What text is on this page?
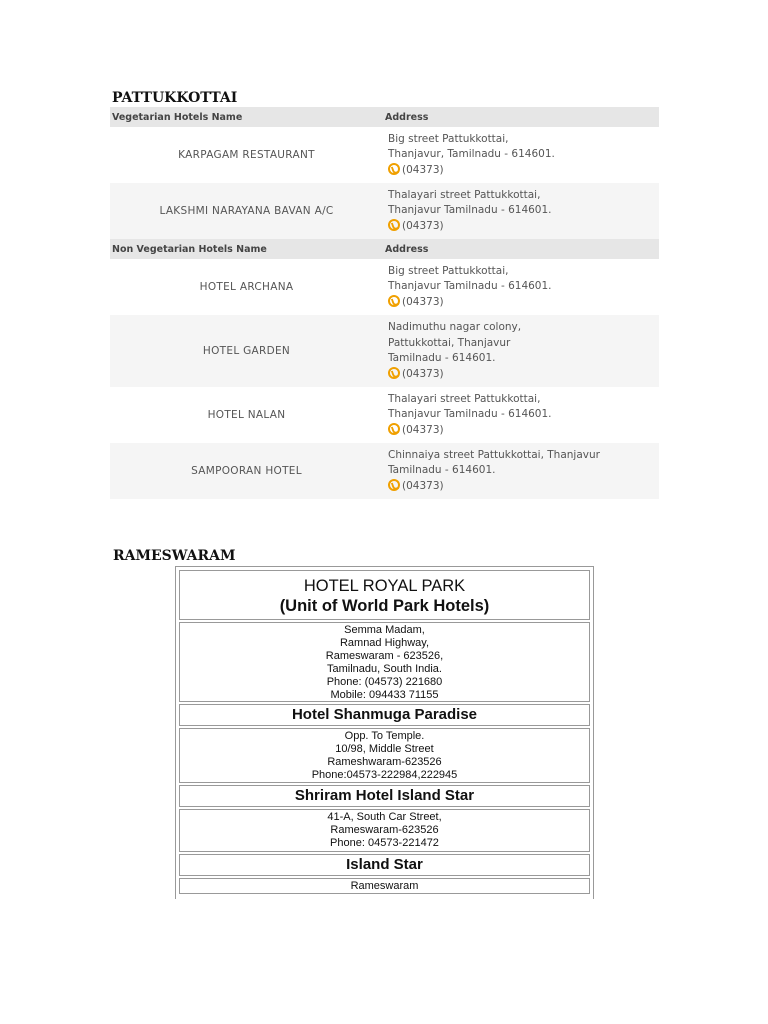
PATTUKKOTTAI
Vegetarian Hotels Name	Address
KARPAGAM RESTAURANT	Big street Pattukkottai,
Thanjavur, Tamilnadu - 614601.
(04373)

LAKSHMI NARAYANA BAVAN A/C	Thalayari street Pattukkottai,
Thanjavur Tamilnadu - 614601.
(04373)

Non Vegetarian Hotels Name	Address
HOTEL ARCHANA	Big street Pattukkottai,
Thanjavur Tamilnadu - 614601.
(04373)

HOTEL GARDEN	Nadimuthu nagar colony,
Pattukkottai, Thanjavur
Tamilnadu - 614601.
(04373)

HOTEL NALAN	Thalayari street Pattukkottai,
Thanjavur Tamilnadu - 614601.
(04373)

SAMPOORAN HOTEL	Chinnaiya street Pattukkottai, Thanjavur
Tamilnadu - 614601.
(04373)
RAMESWARAM
HOTEL ROYAL PARK
(Unit of World Park Hotels)
Semma Madam,
Ramnad Highway,
Rameswaram - 623526,
Tamilnadu, South India.
Phone: (04573) 221680
Mobile: 094433 71155
Hotel Shanmuga Paradise
Opp. To Temple.
10/98, Middle Street
Rameshwaram-623526
Phone:04573-222984,222945
Shriram Hotel Island Star
41-A, South Car Street,
Rameswaram-623526
Phone: 04573-221472
Island Star
Rameswaram
